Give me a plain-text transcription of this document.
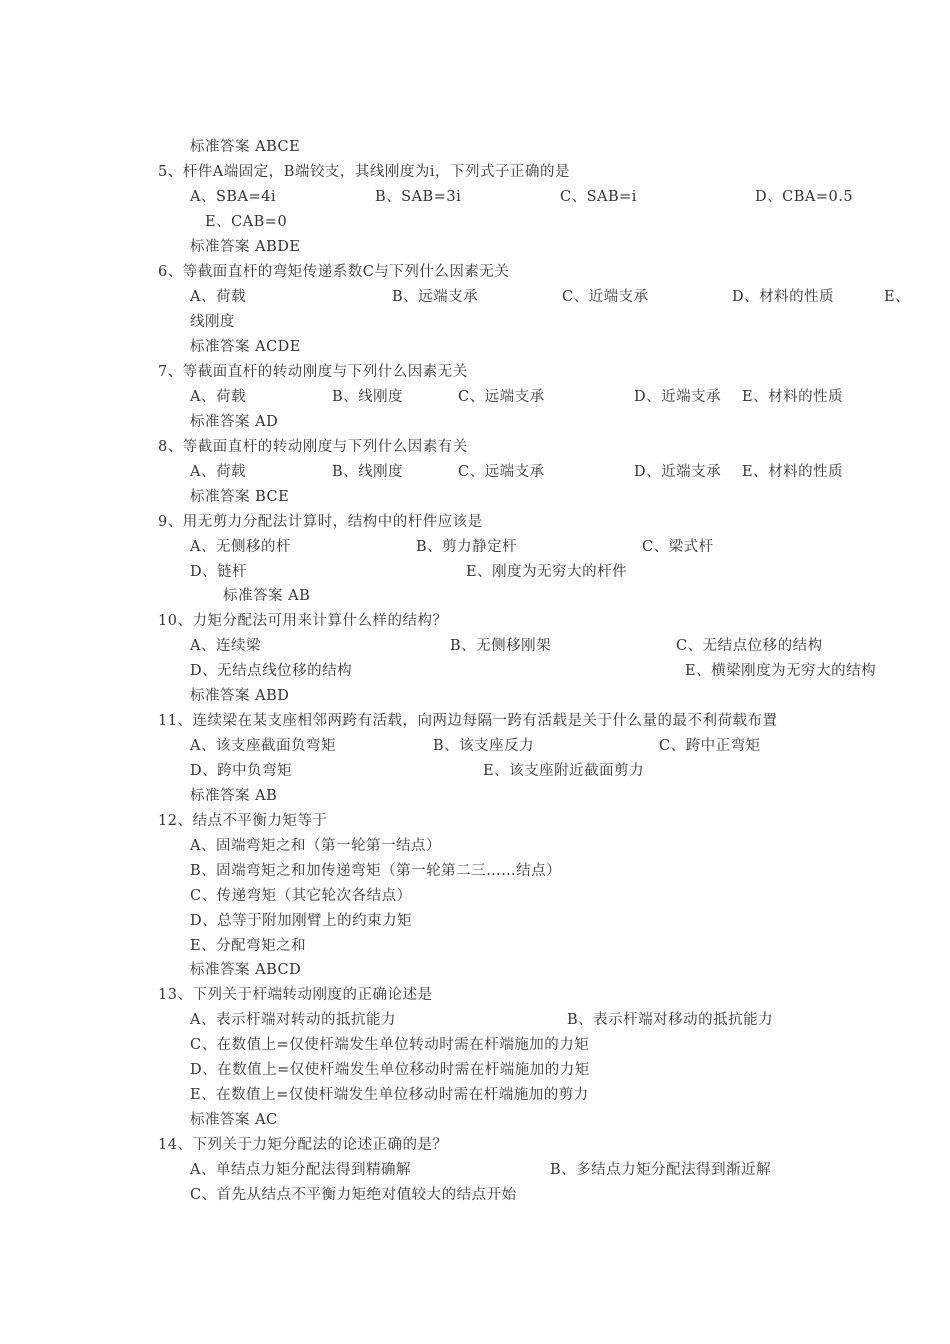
标准答案 ABCE
5、杆件A端固定，B端铰支，其线刚度为i，下列式子正确的是
A、SBA=4i	B、SAB=3i	C、SAB=i	D、CBA=0.5
E、CAB=0
标准答案 ABDE
6、等截面直杆的弯矩传递系数C与下列什么因素无关
A、荷载	B、远端支承	C、近端支承	D、材料的性质	E、
线刚度
标准答案 ACDE
7、等截面直杆的转动刚度与下列什么因素无关
A、荷载	B、线刚度	C、远端支承	D、近端支承 E、材料的性质
标准答案 AD
8、等截面直杆的转动刚度与下列什么因素有关
A、荷载	B、线刚度	C、远端支承	D、近端支承 E、材料的性质
标准答案 BCE
9、用无剪力分配法计算时，结构中的杆件应该是
A、无侧移的杆	B、剪力静定杆	C、梁式杆
D、链杆	E、刚度为无穷大的杆件
标准答案 AB
10、力矩分配法可用来计算什么样的结构？
A、连续梁	B、无侧移刚架	C、无结点位移的结构
D、无结点线位移的结构	E、横梁刚度为无穷大的结构
标准答案 ABD
11、连续梁在某支座相邻两跨有活载，向两边每隔一跨有活载是关于什么量的最不利荷载布置
A、该支座截面负弯矩	B、该支座反力	C、跨中正弯矩
D、跨中负弯矩	E、该支座附近截面剪力
标准答案 AB
12、结点不平衡力矩等于
A、固端弯矩之和（第一轮第一结点）
B、固端弯矩之和加传递弯矩（第一轮第二三……结点）
C、传递弯矩（其它轮次各结点）
D、总等于附加刚臂上的约束力矩
E、分配弯矩之和
标准答案 ABCD
13、下列关于杆端转动刚度的正确论述是
A、表示杆端对转动的抵抗能力	B、表示杆端对移动的抵抗能力
C、在数值上=仅使杆端发生单位转动时需在杆端施加的力矩
D、在数值上=仅使杆端发生单位移动时需在杆端施加的力矩
E、在数值上=仅使杆端发生单位移动时需在杆端施加的剪力
标准答案 AC
14、下列关于力矩分配法的论述正确的是？
A、单结点力矩分配法得到精确解	B、多结点力矩分配法得到渐近解
C、首先从结点不平衡力矩绝对值较大的结点开始
